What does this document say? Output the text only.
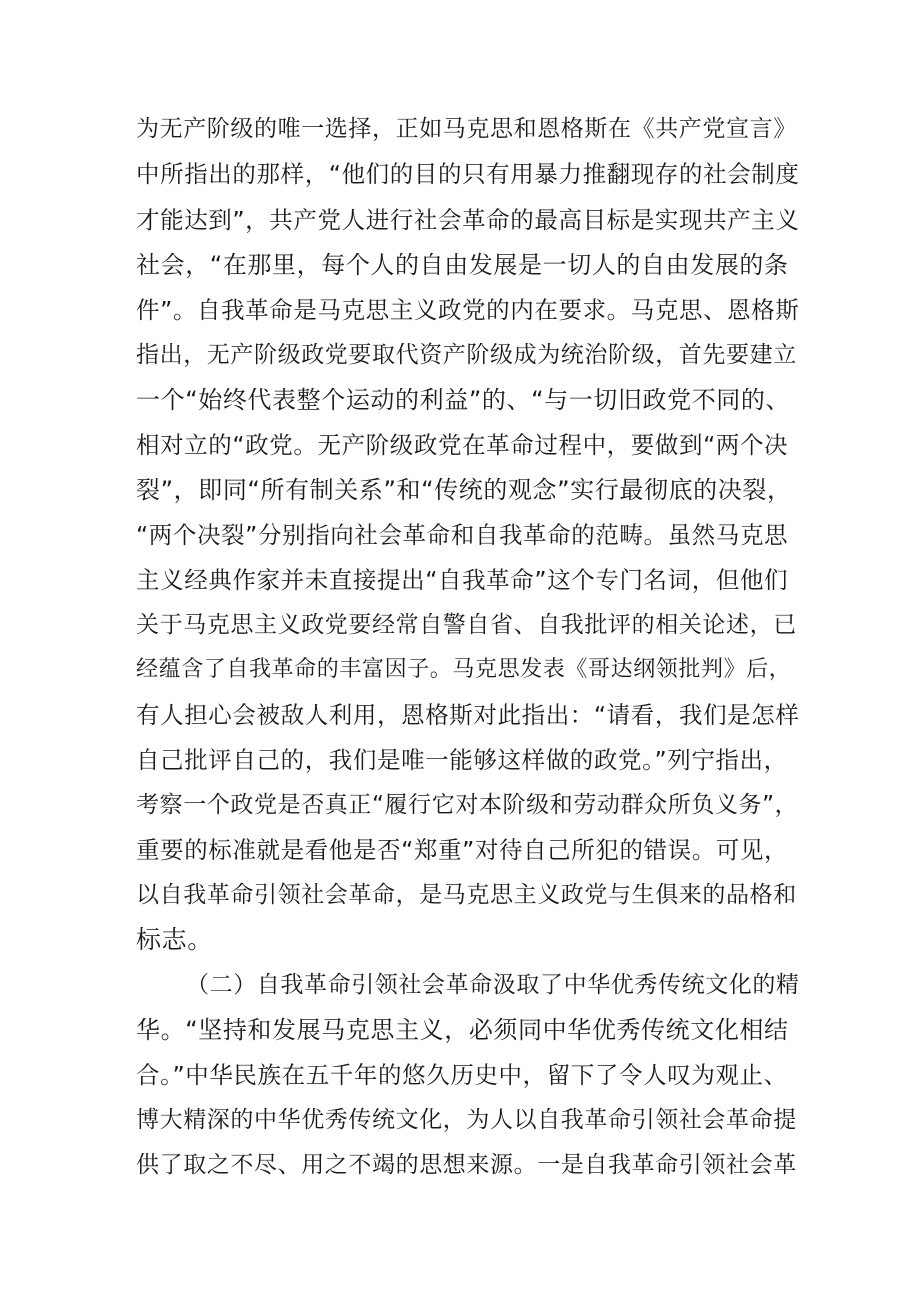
为无产阶级的唯一选择，正如马克思和恩格斯在《共产党宣言》
中所指出的那样，“他们的目的只有用暴力推翻现存的社会制度
才能达到”，共产党人进行社会革命的最高目标是实现共产主义
社会，“在那里，每个人的自由发展是一切人的自由发展的条
件”。自我革命是马克思主义政党的内在要求。马克思、恩格斯
指出，无产阶级政党要取代资产阶级成为统治阶级，首先要建立
一个“始终代表整个运动的利益”的、“与一切旧政党不同的、
相对立的“政党。无产阶级政党在革命过程中，要做到“两个决
裂”，即同“所有制关系”和“传统的观念”实行最彻底的决裂，
“两个决裂”分别指向社会革命和自我革命的范畴。虽然马克思
主义经典作家并未直接提出“自我革命”这个专门名词，但他们
关于马克思主义政党要经常自警自省、自我批评的相关论述，已
经蕴含了自我革命的丰富因子。马克思发表《哥达纲领批判》后，
有人担心会被敌人利用，恩格斯对此指出：“请看，我们是怎样
自己批评自己的，我们是唯一能够这样做的政党。”列宁指出，
考察一个政党是否真正“履行它对本阶级和劳动群众所负义务”，
重要的标准就是看他是否“郑重”对待自己所犯的错误。可见，
以自我革命引领社会革命，是马克思主义政党与生俱来的品格和
标志。
（二）自我革命引领社会革命汲取了中华优秀传统文化的精
华。“坚持和发展马克思主义，必须同中华优秀传统文化相结
合。”中华民族在五千年的悠久历史中，留下了令人叹为观止、
博大精深的中华优秀传统文化，为人以自我革命引领社会革命提
供了取之不尽、用之不竭的思想来源。一是自我革命引领社会革
